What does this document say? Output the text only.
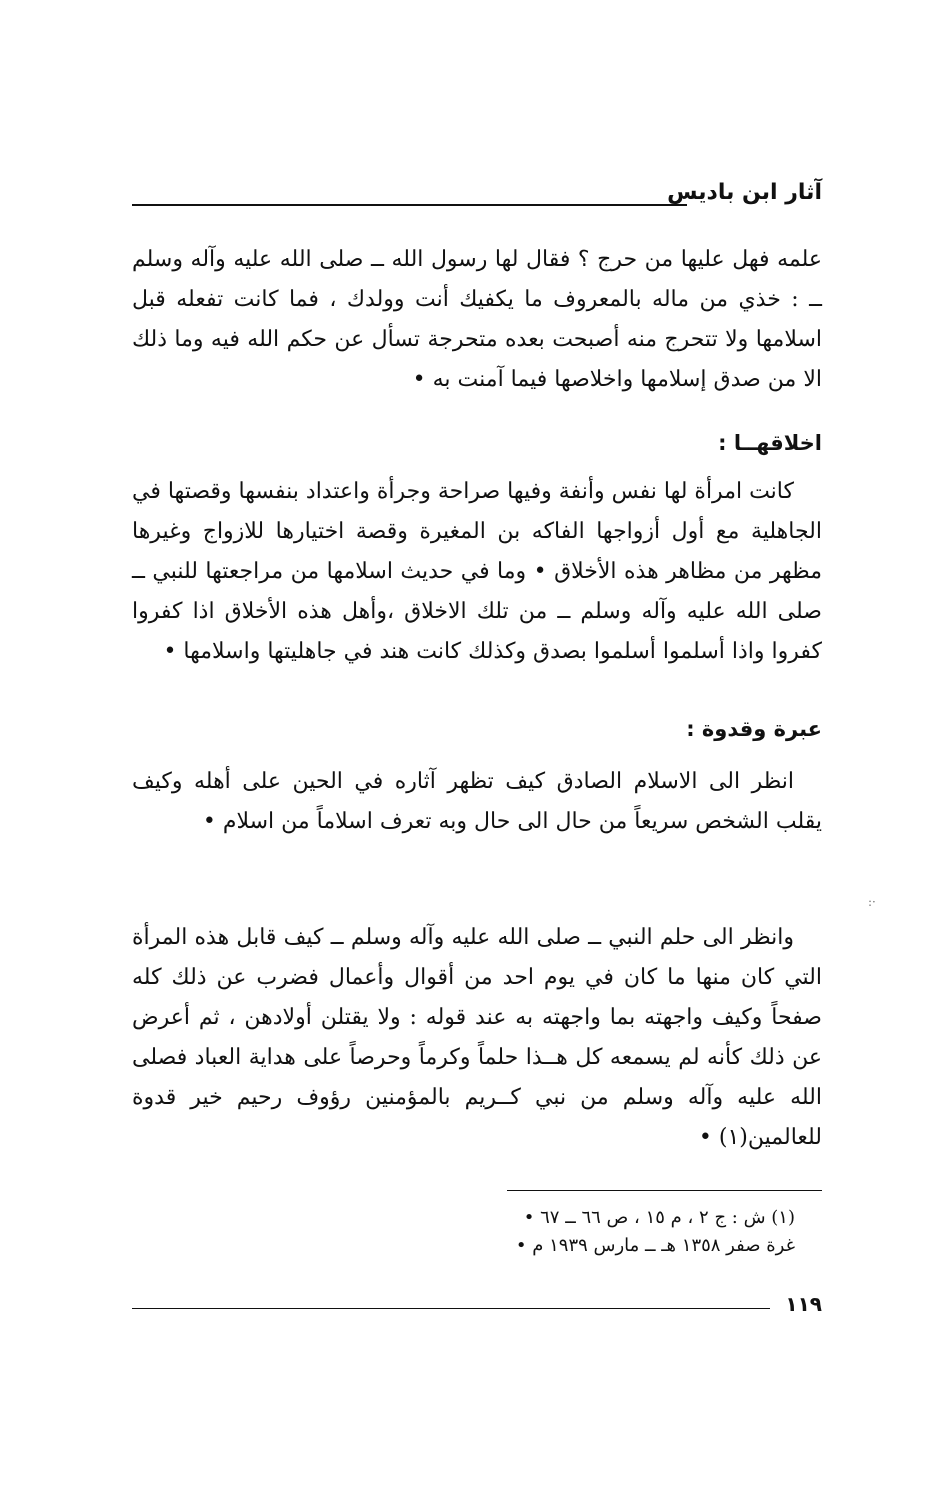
آثار ابن باديس

علمه فهل عليها من حرج ؟ فقال لها رسول الله ــ صلى الله عليه وآله وسلم ــ : خذي من ماله بالمعروف ما يكفيك أنت وولدك ، فما كانت تفعله قبل اسلامها ولا تتحرج منه أصبحت بعده متحرجة تسأل عن حكم الله فيه وما ذلك الا من صدق إسلامها واخلاصها فيما آمنت به •

اخلاقهــا :

كانت امرأة لها نفس وأنفة وفيها صراحة وجرأة واعتداد بنفسها وقصتها في الجاهلية مع أول أزواجها الفاكه بن المغيرة وقصة اختيارها للازواج وغيرها مظهر من مظاهر هذه الأخلاق • وما في حديث اسلامها من مراجعتها للنبي ــ صلى الله عليه وآله وسلم ــ من تلك الاخلاق ،وأهل هذه الأخلاق اذا كفروا كفروا واذا أسلموا أسلموا بصدق وكذلك كانت هند في جاهليتها واسلامها •

عبرة وقدوة :

انظر الى الاسلام الصادق كيف تظهر آثاره في الحين على أهله وكيف يقلب الشخص سريعاً من حال الى حال وبه تعرف اسلاماً من اسلام •

وانظر الى حلم النبي ــ صلى الله عليه وآله وسلم ــ كيف قابل هذه المرأة التي كان منها ما كان في يوم احد من أقوال وأعمال فضرب عن ذلك كله صفحاً وكيف واجهته بما واجهته به عند قوله : ولا يقتلن أولادهن ، ثم أعرض عن ذلك كأنه لم يسمعه كل هــذا حلماً وكرماً وحرصاً على هداية العباد فصلى الله عليه وآله وسلم من نبي كــريم بالمؤمنين رؤوف رحيم خير قدوة للعالمين(١) •

(١) ش : ج ٢ ، م ١٥ ، ص ٦٦ ــ ٦٧ •
غرة صفر ١٣٥٨ هـ ــ مارس ١٩٣٩ م •
١١٩
·:
